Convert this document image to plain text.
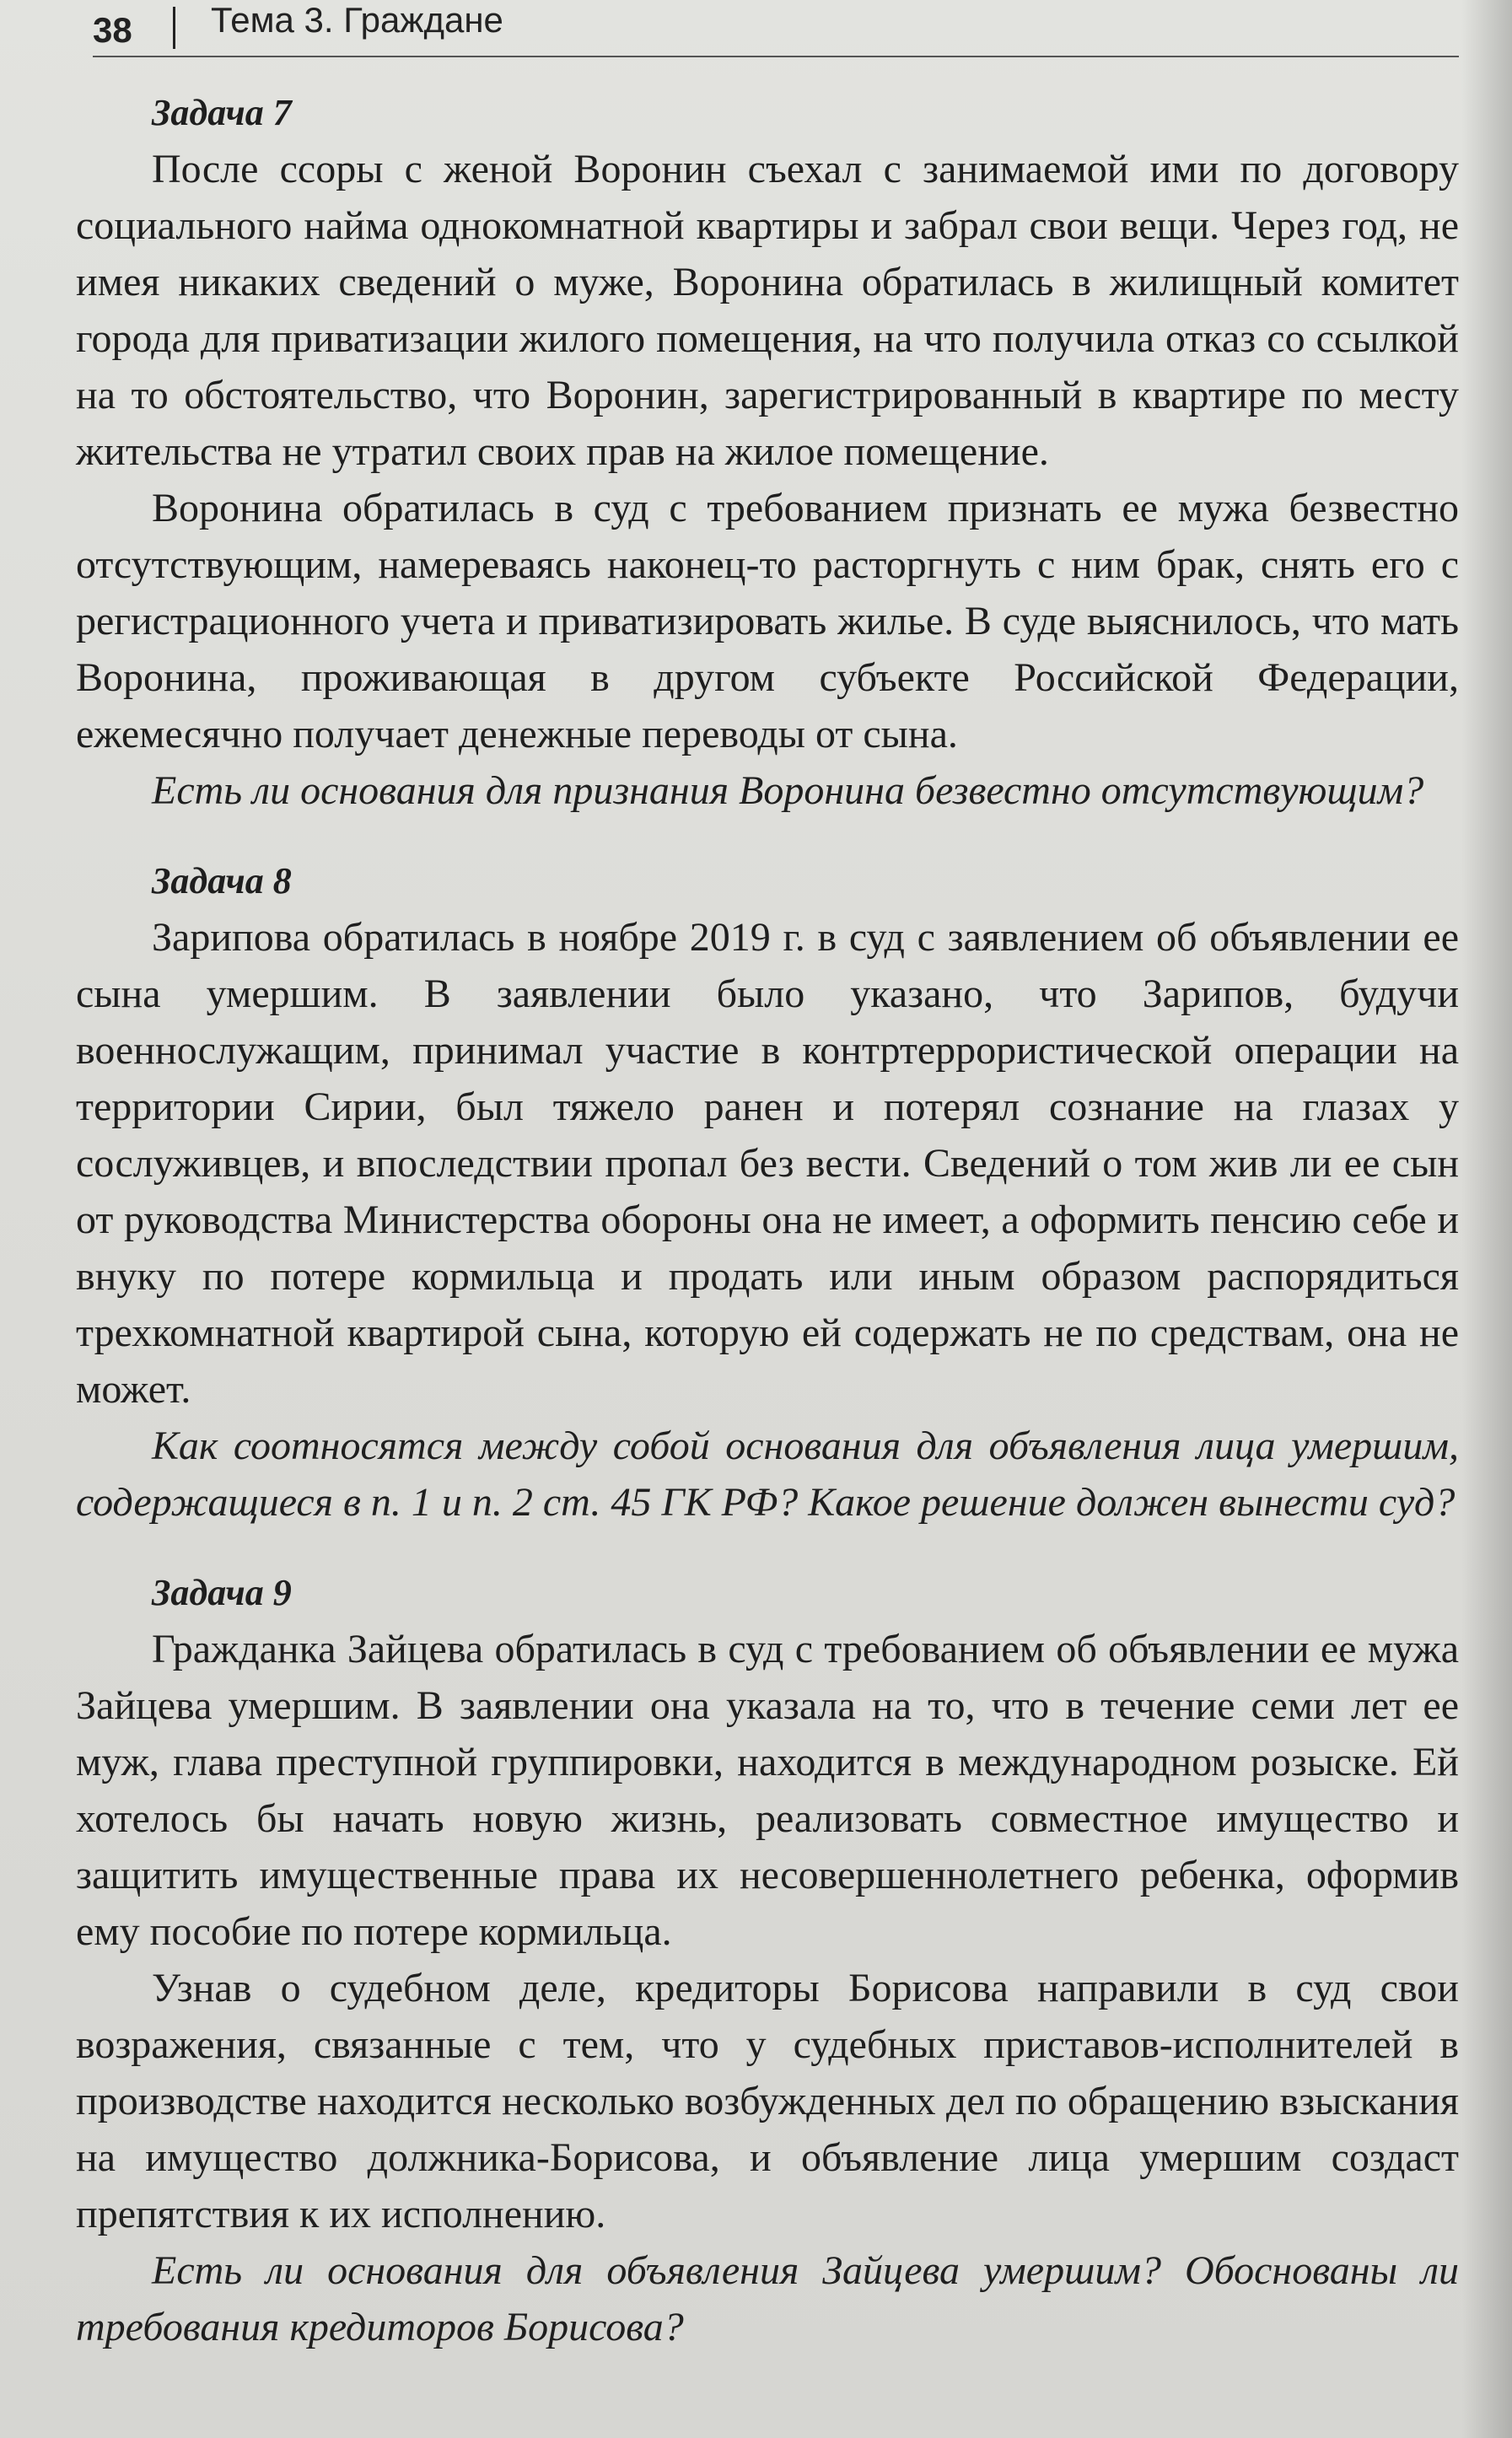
38 Тема 3. Граждане

Задача 7

После ссоры с женой Воронин съехал с занимаемой ими по договору социального найма однокомнатной квартиры и забрал свои вещи. Через год, не имея никаких сведений о муже, Воронина обратилась в жилищный комитет города для приватизации жилого помещения, на что получила отказ со ссылкой на то обстоятельство, что Воронин, зарегистрированный в квартире по месту жительства не утратил своих прав на жилое помещение.

Воронина обратилась в суд с требованием признать ее мужа безвестно отсутствующим, намереваясь наконец-то расторгнуть с ним брак, снять его с регистрационного учета и приватизировать жилье. В суде выяснилось, что мать Воронина, проживающая в другом субъекте Российской Федерации, ежемесячно получает денежные переводы от сына.

Есть ли основания для признания Воронина безвестно отсутствующим?

Задача 8

Зарипова обратилась в ноябре 2019 г. в суд с заявлением об объявлении ее сына умершим. В заявлении было указано, что Зарипов, будучи военнослужащим, принимал участие в контртеррористической операции на территории Сирии, был тяжело ранен и потерял сознание на глазах у сослуживцев, и впоследствии пропал без вести. Сведений о том жив ли ее сын от руководства Министерства обороны она не имеет, а оформить пенсию себе и внуку по потере кормильца и продать или иным образом распорядиться трехкомнатной квартирой сына, которую ей содержать не по средствам, она не может.

Как соотносятся между собой основания для объявления лица умершим, содержащиеся в п. 1 и п. 2 ст. 45 ГК РФ? Какое решение должен вынести суд?

Задача 9

Гражданка Зайцева обратилась в суд с требованием об объявлении ее мужа Зайцева умершим. В заявлении она указала на то, что в течение семи лет ее муж, глава преступной группировки, находится в международном розыске. Ей хотелось бы начать новую жизнь, реализовать совместное имущество и защитить имущественные права их несовершеннолетнего ребенка, оформив ему пособие по потере кормильца.

Узнав о судебном деле, кредиторы Борисова направили в суд свои возражения, связанные с тем, что у судебных приставов-исполнителей в производстве находится несколько возбужденных дел по обращению взыскания на имущество должника-Борисова, и объявление лица умершим создаст препятствия к их исполнению.

Есть ли основания для объявления Зайцева умершим? Обоснованы ли требования кредиторов Борисова?
